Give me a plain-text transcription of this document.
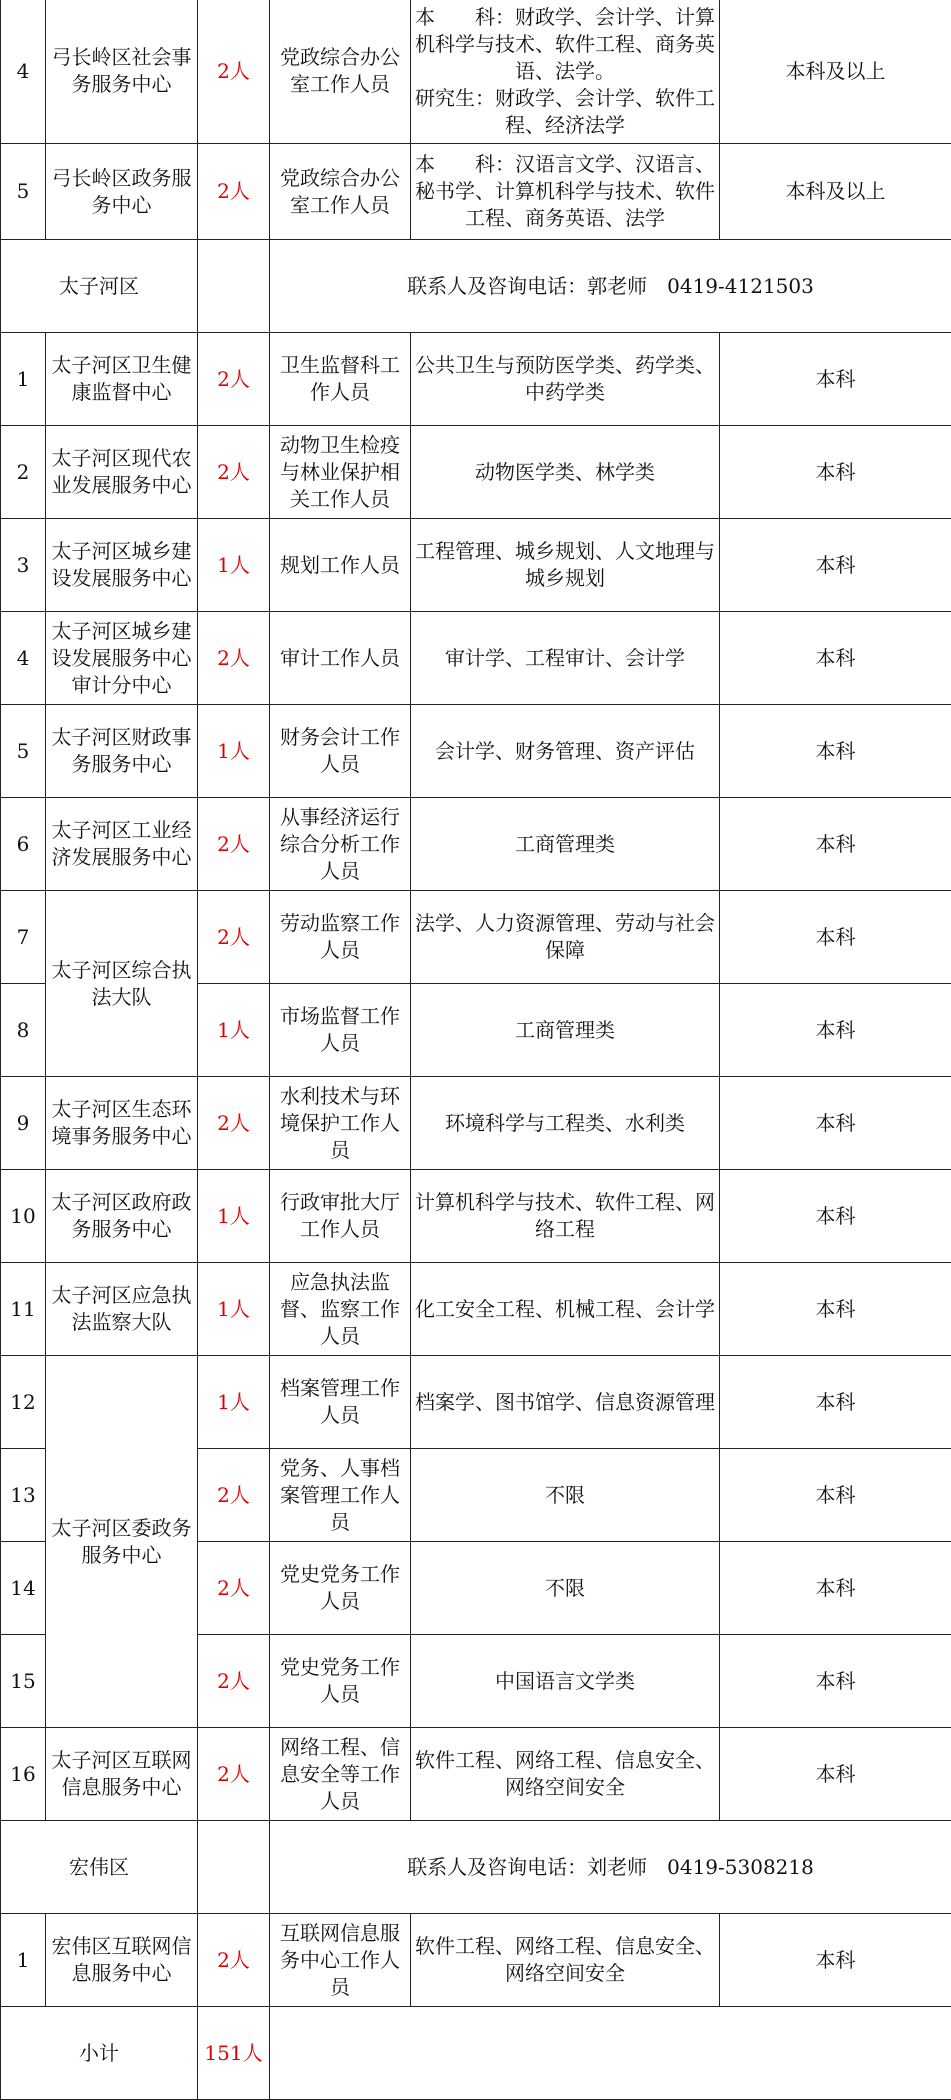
4	弓长岭区社会事务服务中心	2人	党政综合办公室工作人员	本　　科：财政学、会计学、计算机科学与技术、软件工程、商务英语、法学。
研究生：财政学、会计学、软件工程、经济法学	本科及以上
5	弓长岭区政务服务中心	2人	党政综合办公室工作人员	本　　科：汉语言文学、汉语言、秘书学、计算机科学与技术、软件工程、商务英语、法学	本科及以上
太子河区			联系人及咨询电话：郭老师　0419-4121503		
1	太子河区卫生健康监督中心	2人	卫生监督科工作人员	公共卫生与预防医学类、药学类、中药学类	本科
2	太子河区现代农业发展服务中心	2人	动物卫生检疫与林业保护相关工作人员	动物医学类、林学类	本科
3	太子河区城乡建设发展服务中心	1人	规划工作人员	工程管理、城乡规划、人文地理与城乡规划	本科
4	太子河区城乡建设发展服务中心审计分中心	2人	审计工作人员	审计学、工程审计、会计学	本科
5	太子河区财政事务服务中心	1人	财务会计工作人员	会计学、财务管理、资产评估	本科
6	太子河区工业经济发展服务中心	2人	从事经济运行综合分析工作人员	工商管理类	本科
7	太子河区综合执法大队	2人	劳动监察工作人员	法学、人力资源管理、劳动与社会保障	本科
8		1人	市场监督工作人员	工商管理类	本科
9	太子河区生态环境事务服务中心	2人	水利技术与环境保护工作人员	环境科学与工程类、水利类	本科
10	太子河区政府政务服务中心	1人	行政审批大厅工作人员	计算机科学与技术、软件工程、网络工程	本科
11	太子河区应急执法监察大队	1人	应急执法监督、监察工作人员	化工安全工程、机械工程、会计学	本科
12	太子河区委政务服务中心	1人	档案管理工作人员	档案学、图书馆学、信息资源管理	本科
13		2人	党务、人事档案管理工作人员	不限	本科
14		2人	党史党务工作人员	不限	本科
15		2人	党史党务工作人员	中国语言文学类	本科
16	太子河区互联网信息服务中心	2人	网络工程、信息安全等工作人员	软件工程、网络工程、信息安全、网络空间安全	本科
宏伟区			联系人及咨询电话：刘老师　0419-5308218		
1	宏伟区互联网信息服务中心	2人	互联网信息服务中心工作人员	软件工程、网络工程、信息安全、网络空间安全	本科
小计		151人			
